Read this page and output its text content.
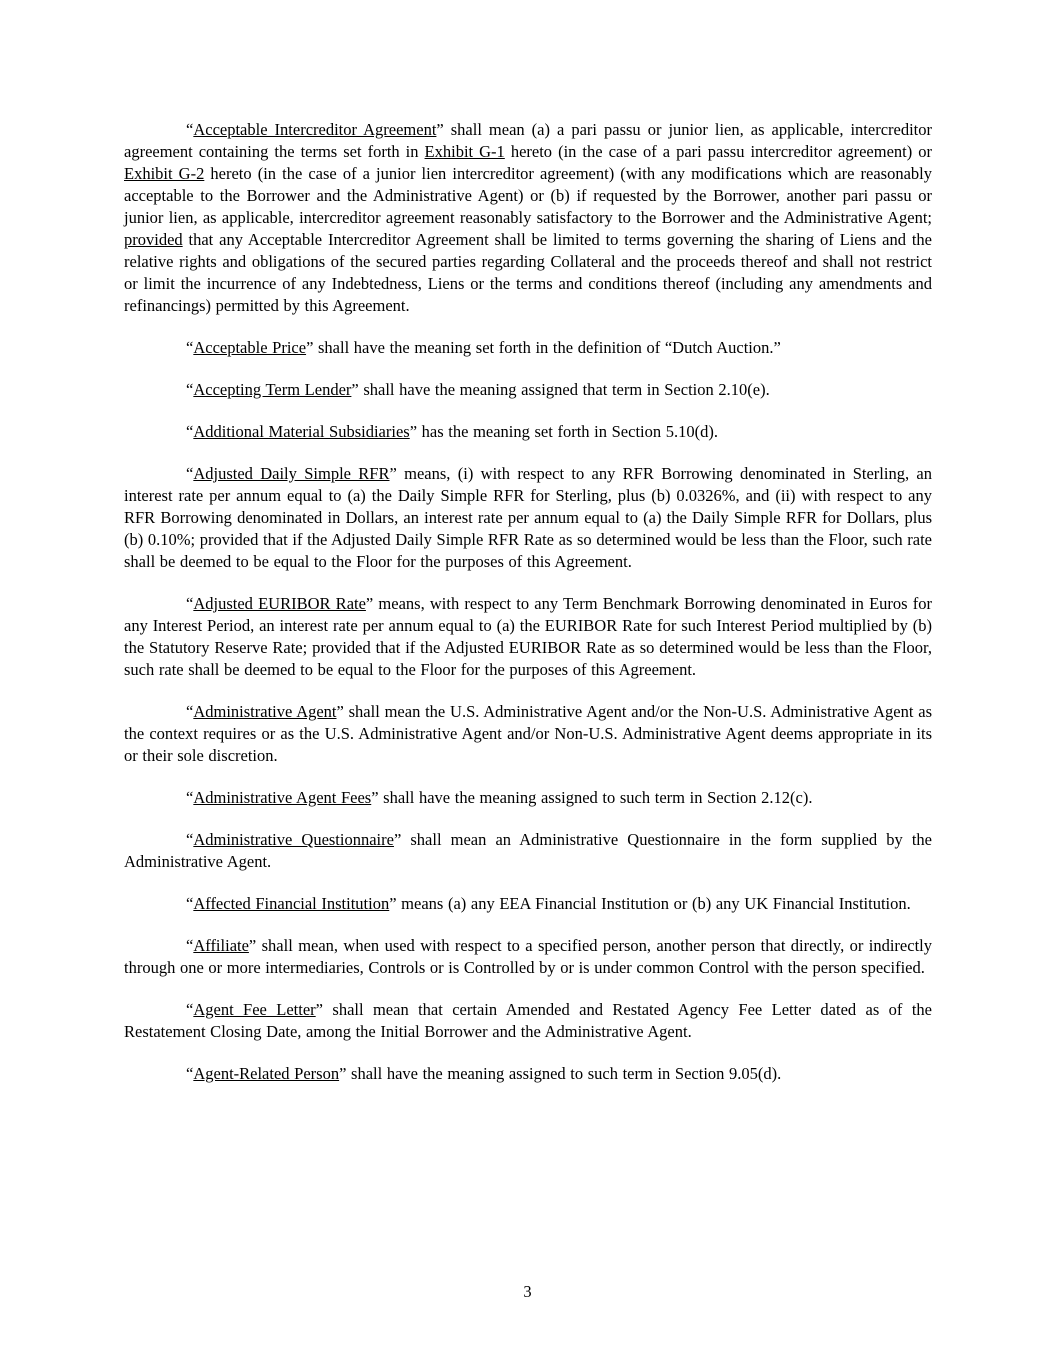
“Acceptable Intercreditor Agreement” shall mean (a) a pari passu or junior lien, as applicable, intercreditor agreement containing the terms set forth in Exhibit G-1 hereto (in the case of a pari passu intercreditor agreement) or Exhibit G-2 hereto (in the case of a junior lien intercreditor agreement) (with any modifications which are reasonably acceptable to the Borrower and the Administrative Agent) or (b) if requested by the Borrower, another pari passu or junior lien, as applicable, intercreditor agreement reasonably satisfactory to the Borrower and the Administrative Agent; provided that any Acceptable Intercreditor Agreement shall be limited to terms governing the sharing of Liens and the relative rights and obligations of the secured parties regarding Collateral and the proceeds thereof and shall not restrict or limit the incurrence of any Indebtedness, Liens or the terms and conditions thereof (including any amendments and refinancings) permitted by this Agreement.

“Acceptable Price” shall have the meaning set forth in the definition of “Dutch Auction.”

“Accepting Term Lender” shall have the meaning assigned that term in Section 2.10(e).

“Additional Material Subsidiaries” has the meaning set forth in Section 5.10(d).

“Adjusted Daily Simple RFR” means, (i) with respect to any RFR Borrowing denominated in Sterling, an interest rate per annum equal to (a) the Daily Simple RFR for Sterling, plus (b) 0.0326%, and (ii) with respect to any RFR Borrowing denominated in Dollars, an interest rate per annum equal to (a) the Daily Simple RFR for Dollars, plus (b) 0.10%; provided that if the Adjusted Daily Simple RFR Rate as so determined would be less than the Floor, such rate shall be deemed to be equal to the Floor for the purposes of this Agreement.

“Adjusted EURIBOR Rate” means, with respect to any Term Benchmark Borrowing denominated in Euros for any Interest Period, an interest rate per annum equal to (a) the EURIBOR Rate for such Interest Period multiplied by (b) the Statutory Reserve Rate; provided that if the Adjusted EURIBOR Rate as so determined would be less than the Floor, such rate shall be deemed to be equal to the Floor for the purposes of this Agreement.

“Administrative Agent” shall mean the U.S. Administrative Agent and/or the Non-U.S. Administrative Agent as the context requires or as the U.S. Administrative Agent and/or Non-U.S. Administrative Agent deems appropriate in its or their sole discretion.

“Administrative Agent Fees” shall have the meaning assigned to such term in Section 2.12(c).

“Administrative Questionnaire” shall mean an Administrative Questionnaire in the form supplied by the Administrative Agent.

“Affected Financial Institution” means (a) any EEA Financial Institution or (b) any UK Financial Institution.

“Affiliate” shall mean, when used with respect to a specified person, another person that directly, or indirectly through one or more intermediaries, Controls or is Controlled by or is under common Control with the person specified.

“Agent Fee Letter” shall mean that certain Amended and Restated Agency Fee Letter dated as of the Restatement Closing Date, among the Initial Borrower and the Administrative Agent.

“Agent-Related Person” shall have the meaning assigned to such term in Section 9.05(d).

3
